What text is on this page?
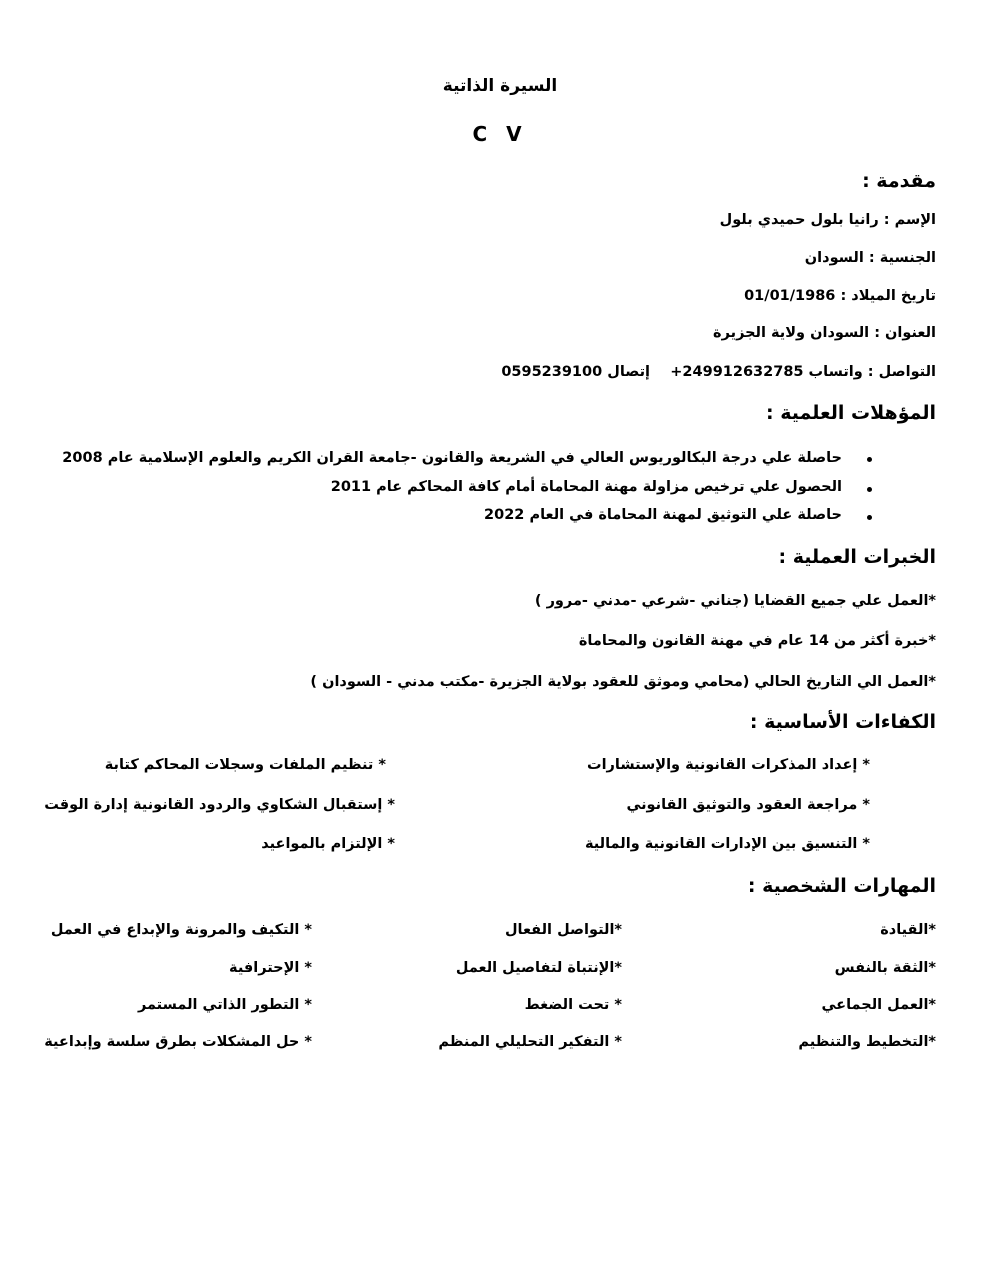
السيرة الذاتية
C V
مقدمة :
الإسم : رانيا بلول حميدي بلول
الجنسية : السودان
تاريخ الميلاد : 01/01/1986
العنوان : السودان ولاية الجزيرة
التواصل : واتساب 249912632785+
إتصال 0595239100
المؤهلات العلمية :
حاصلة علي درجة البكالوريوس العالي في الشريعة والقانون -جامعة القران الكريم والعلوم الإسلامية عام 2008
الحصول علي ترخيص مزاولة مهنة المحاماة أمام كافة المحاكم عام 2011
حاصلة علي التوثيق لمهنة المحاماة في العام 2022
الخبرات العملية :
*العمل علي جميع القضايا (جناني -شرعي -مدني -مرور )
*خبرة أكثر من 14 عام في مهنة القانون والمحاماة
*العمل الي التاريخ الحالي (محامي وموثق للعقود بولاية الجزيرة -مكتب مدني - السودان )
الكفاءات الأساسية :
* إعداد المذكرات القانونية والإستشارات
* مراجعة العقود والتوثيق القانوني
* التنسيق بين الإدارات القانونية والمالية
* تنظيم الملفات وسجلات المحاكم كتابة
* إستقبال الشكاوي والردود القانونية إدارة الوقت
* الإلتزام بالمواعيد
المهارات الشخصية :
*القيادة
*الثقة بالنفس
*العمل الجماعي
*التخطيط والتنظيم
*التواصل الفعال
*الإنتباة لتفاصيل العمل
* تحت الضغط
* التفكير التحليلي المنظم
* التكيف والمرونة والإبداع في العمل
* الإحترافية
* التطور الذاتي المستمر
* حل المشكلات بطرق سلسة وإبداعية
